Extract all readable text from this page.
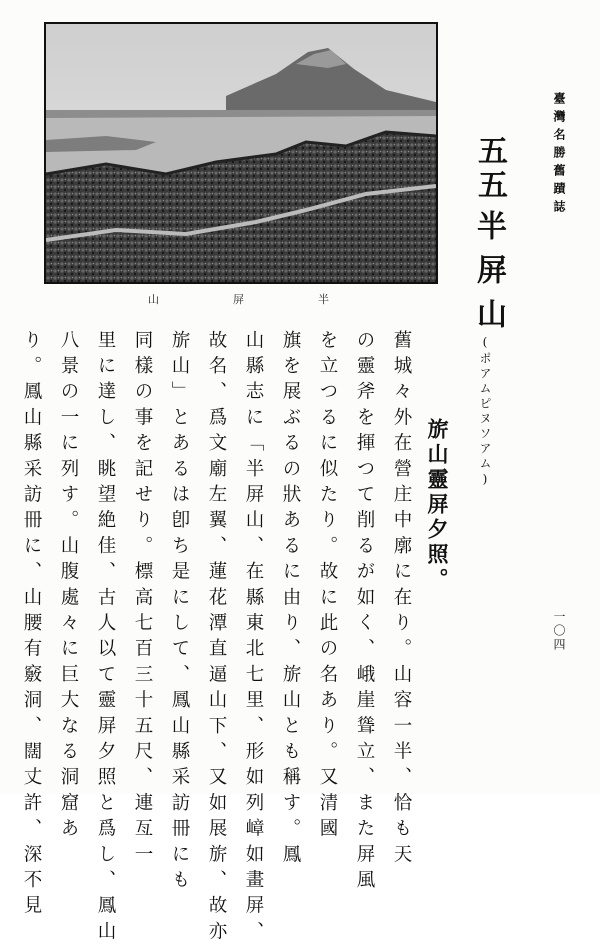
山	屏	半
臺灣名勝舊蹟誌
五五
半屏山
(ポアムピヌソアム)
旂山靈屏夕照。
一〇四
舊城々外在營庄中廓に在り。山容一半、恰も天
の靈斧を揮つて削るが如く、峨崖聳立、また屏風
を立つるに似たり。故に此の名あり。又清國
旗を展ぶるの狀あるに由り、旂山とも稱す。鳳
山縣志に「半屏山、在縣東北七里、形如列嶂如畫屏、
故名、爲文廟左翼、蓮花潭直逼山下、又如展旂、故亦
旂山」とあるは卽ち是にして、鳳山縣采訪冊にも
同樣の事を記せり。標高七百三十五尺、連亙一
里に達し、眺望絶佳、古人以て靈屏夕照と爲し、鳳山
八景の一に列す。山腹處々に巨大なる洞窟あ
り。鳳山縣采訪冊に、山腰有竅洞、闊丈許、深不見
